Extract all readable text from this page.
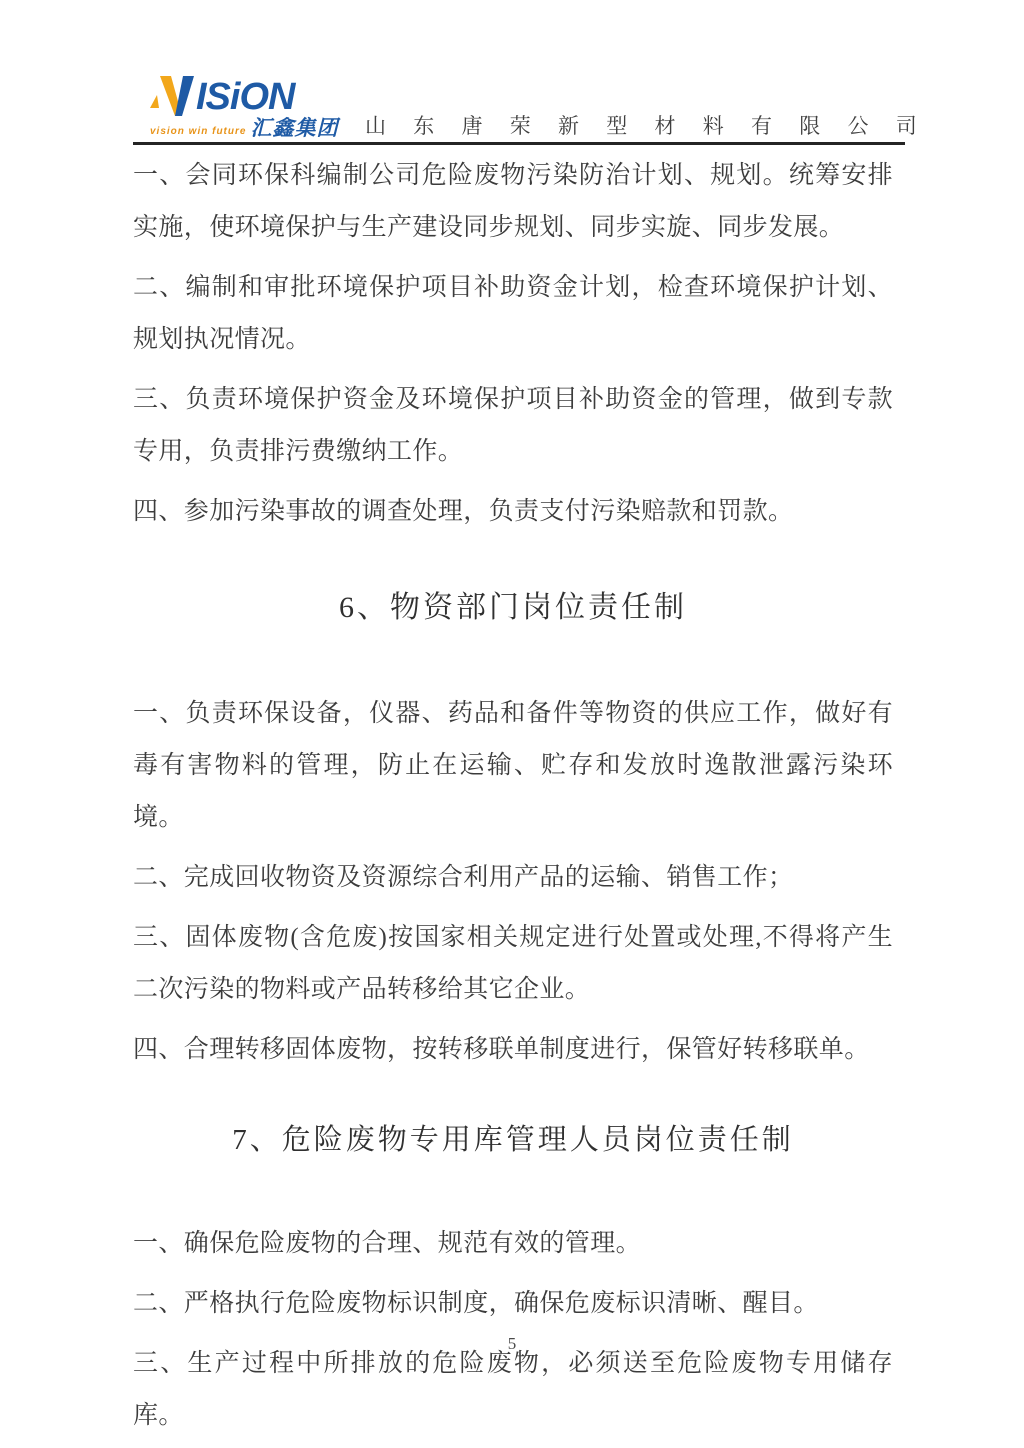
ISiON
vision win future 汇鑫集团 山 东 唐 荣 新 型 材 料 有 限 公 司

一、会同环保科编制公司危险废物污染防治计划、规划。统筹安排实施，使环境保护与生产建设同步规划、同步实旋、同步发展。

二、编制和审批环境保护项目补助资金计划，检查环境保护计划、规划执况情况。

三、负责环境保护资金及环境保护项目补助资金的管理，做到专款专用，负责排污费缴纳工作。

四、参加污染事故的调查处理，负责支付污染赔款和罚款。

6、物资部门岗位责任制

一、负责环保设备，仪器、药品和备件等物资的供应工作，做好有毒有害物料的管理，防止在运输、贮存和发放时逸散泄露污染环境。

二、完成回收物资及资源综合利用产品的运输、销售工作；

三、固体废物(含危废)按国家相关规定进行处置或处理,不得将产生二次污染的物料或产品转移给其它企业。

四、合理转移固体废物，按转移联单制度进行，保管好转移联单。

7、危险废物专用库管理人员岗位责任制

一、确保危险废物的合理、规范有效的管理。

二、严格执行危险废物标识制度，确保危废标识清晰、醒目。

三、生产过程中所排放的危险废物，必须送至危险废物专用储存库。

5
